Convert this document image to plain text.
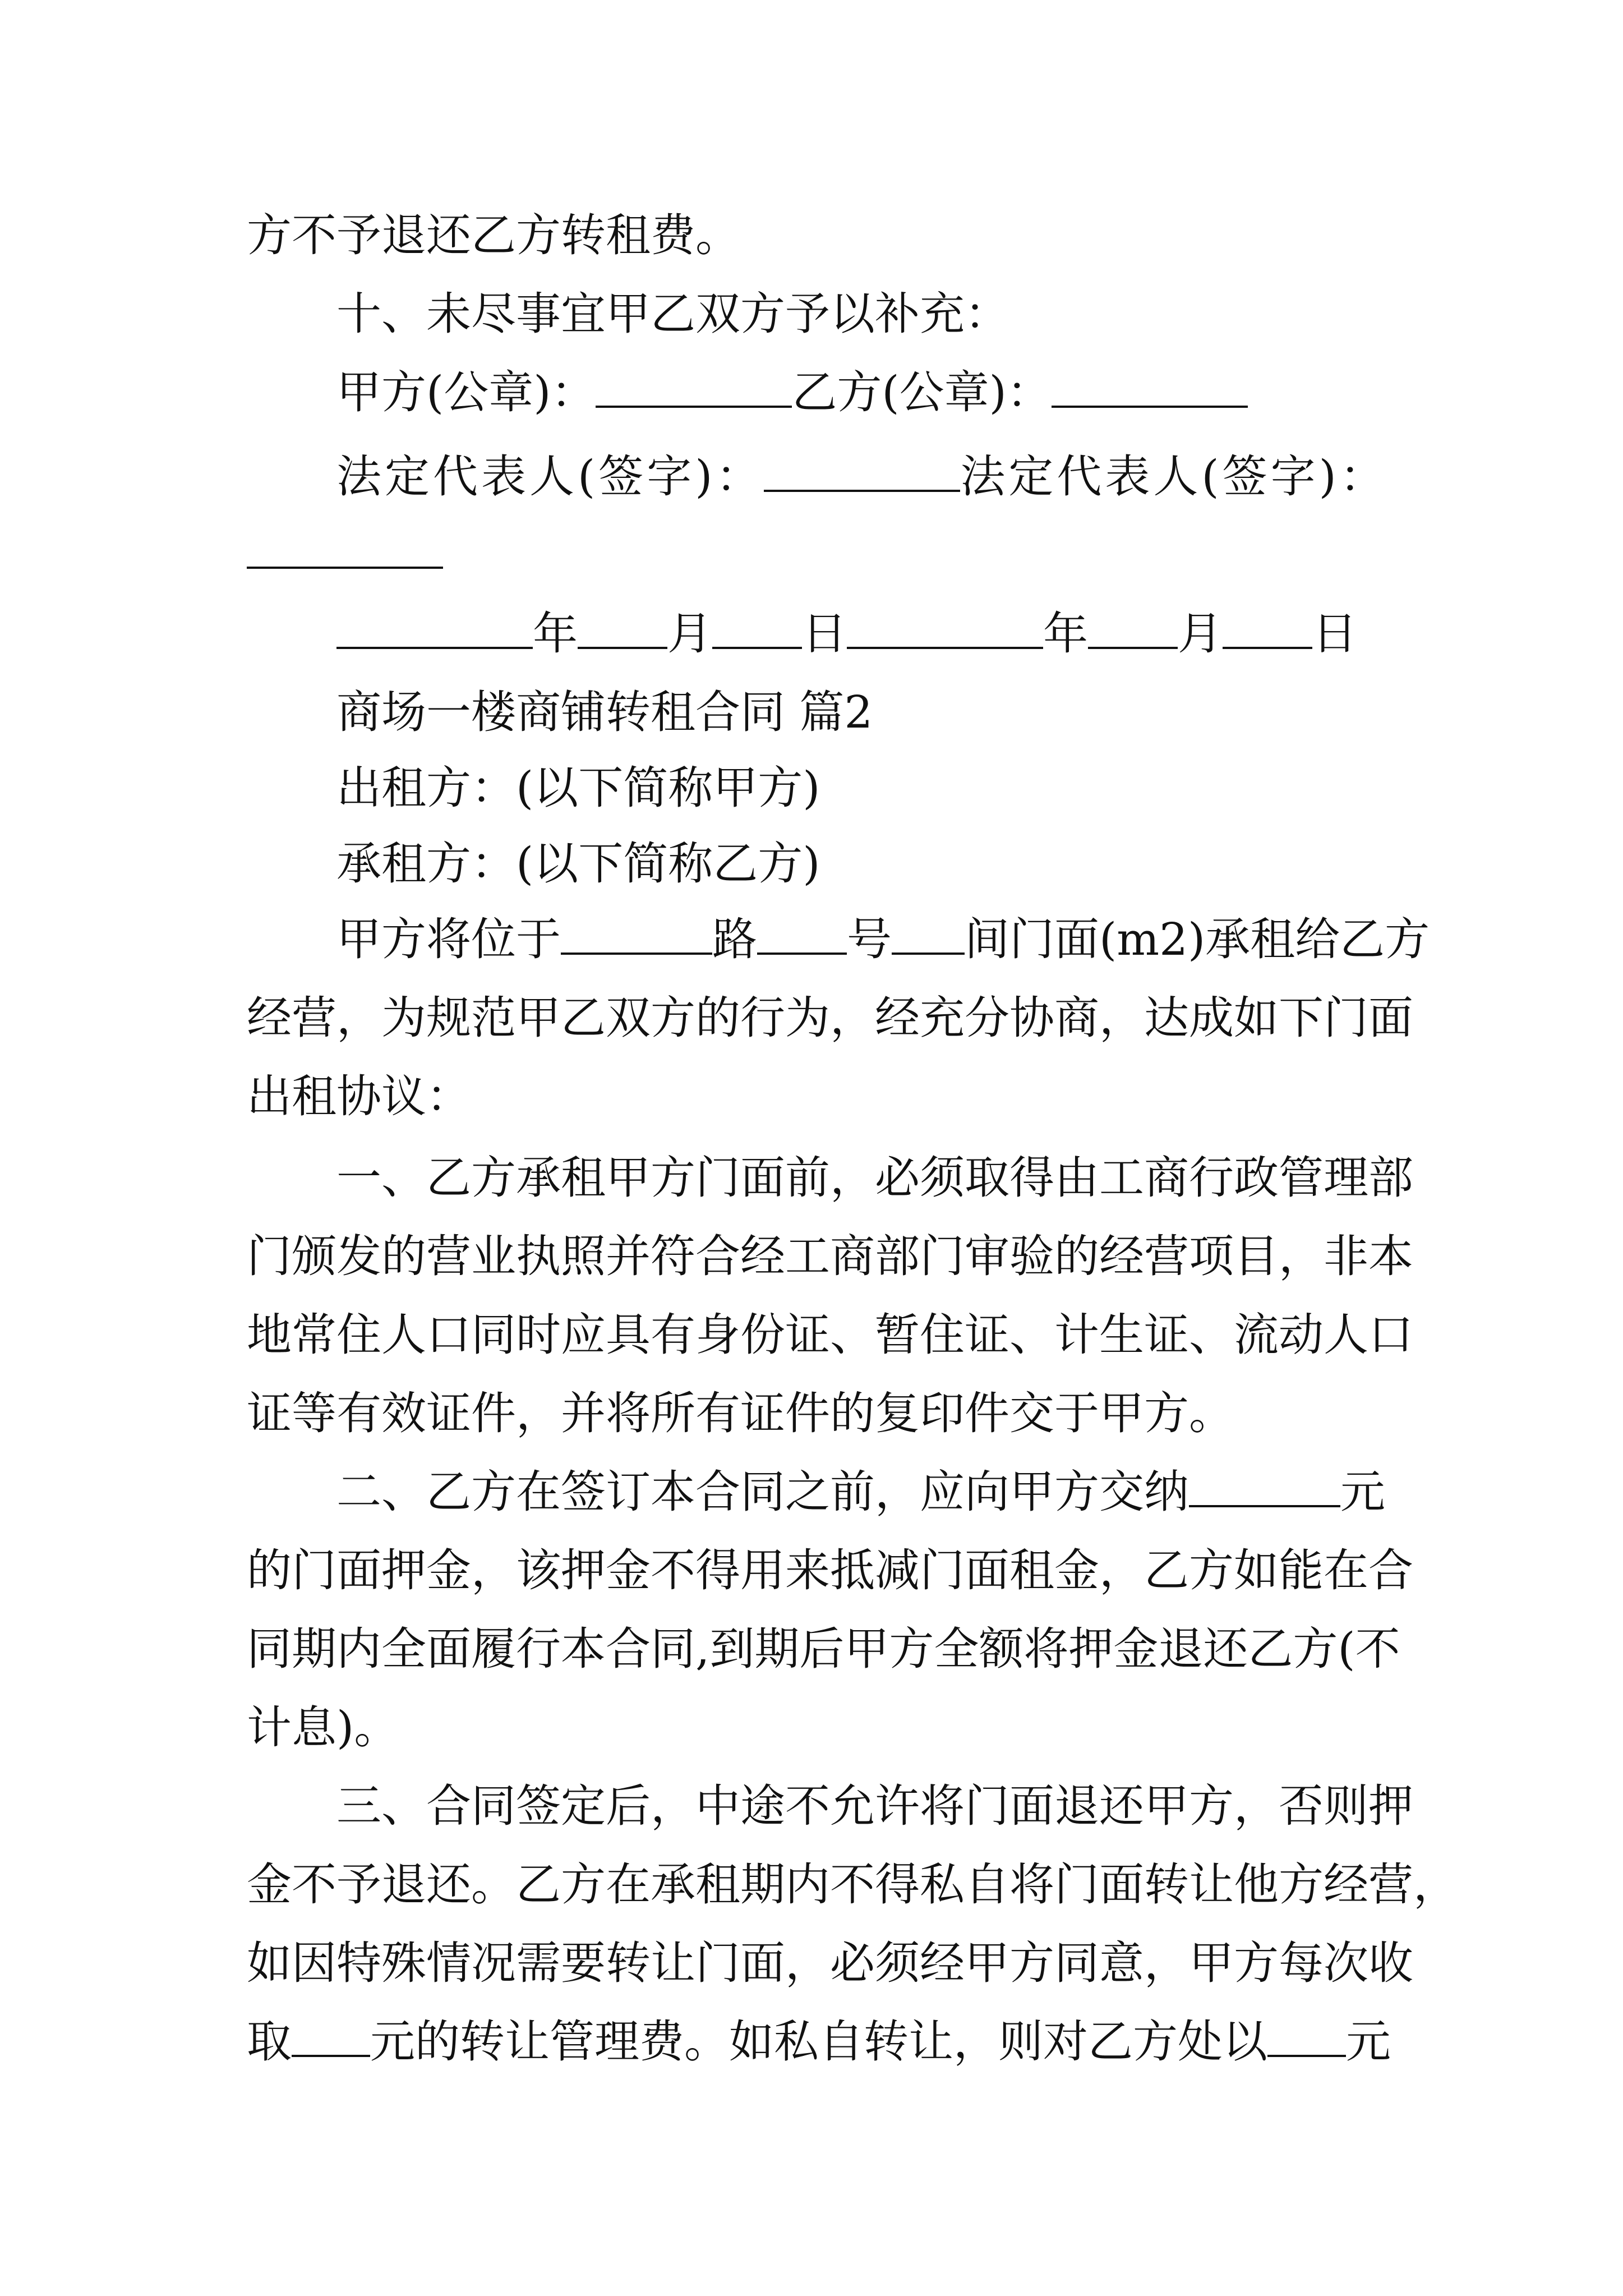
方不予退还乙方转租费。
十、未尽事宜甲乙双方予以补充：
甲方(公章)：	乙方(公章)：
法定代表人(签字)：	法定代表人(签字)：
年 月 日	年 月 日
商场一楼商铺转租合同 篇2
出租方：(以下简称甲方)
承租方：(以下简称乙方)
甲方将位于	路 号 间门面(m2)承租给乙方
经营，为规范甲乙双方的行为，经充分协商，达成如下门面
出租协议：
一、乙方承租甲方门面前，必须取得由工商行政管理部
门颁发的营业执照并符合经工商部门审验的经营项目，非本
地常住人口同时应具有身份证、暂住证、计生证、流动人口
证等有效证件，并将所有证件的复印件交于甲方。
二、乙方在签订本合同之前，应向甲方交纳	元
的门面押金，该押金不得用来抵减门面租金，乙方如能在合
同期内全面履行本合同,到期后甲方全额将押金退还乙方(不
计息)。
三、合同签定后，中途不允许将门面退还甲方，否则押
金不予退还。乙方在承租期内不得私自将门面转让他方经营，
如因特殊情况需要转让门面，必须经甲方同意，甲方每次收
取 元的转让管理费。如私自转让，则对乙方处以 元
